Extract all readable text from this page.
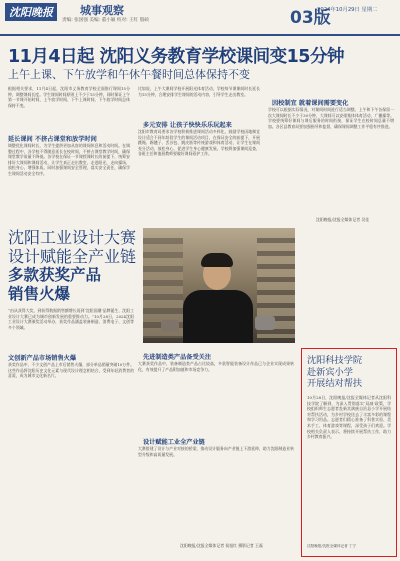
沈阳晚报	城事观察
责编: 张国强 美编: 董小颖 校对: 王红 殷硕	03版
2024年10月29日 星期二
11月4日起 沈阳义务教育学校课间变15分钟
上午上课、下午放学和午休午餐时间总体保持不变
根据相关要求，11月4日起，沈阳市义务教育学校全面推行课间15分钟，调整课间长度。学生课间时间原则上不少于15分钟，同时保证上午第一节课开始时间，上午放学时间、下午上课时间、下午放学时间总体保持不变。
延长课间 不挤占课堂和放学时间
调整优化课间时长，为学生提供更加从容的课间休息和活动时间。在调整过程中，各学校不得随意延长在校时间，不挤占课堂教学时间，确保课堂教学质量不降低。各学校在保证一节课授课时长的前提下，统筹安排好大课间和课间活动，让学生真正走出教室，走进阳光，走向操场，放松身心，增强体质。同时加强课间安全管理，落实安全责任，确保学生课间活动安全有序。
比如说，上午大课间学校开展阳光体育活动，学校每节课课间时长延长为15分钟，合理安排学生课间的活动内容，引导学生走出教室。
多元安排 让孩子快快乐乐玩起来
沈阳市教育局要求各学校积极推进课间活动多样化，鼓励学校因地制宜设计适合不同年龄段学生的课间活动项目，在保证安全的前提下，开展跳绳、踢毽子、丢沙包、跳皮筋等传统游戏和体育活动，让学生在课间充分活动、放松身心，促进学生身心健康发展。学校将加强课间巡查，各班主任和值班教师要做好课间看护工作。
因校制宜 就着课间需要变化
学校可以根据实际情况，对课间时间进行适当调整。上午和下午各保留一次大课间时长不少于30分钟，大课间可以安排集体体育活动、广播操等。学校要统筹好课间与课后服务的时间衔接，保证学生在校时间总量不增加。各区县教育局要加强指导和监督，确保课间调整工作平稳有序推进。
沈阳晚报/沈报全媒体记者 吴佳
沈阳工业设计大赛
设计赋能全产业链
多款获奖产品
销售火爆
“由从获得大奖，到获得数据销售额增长再到‘沈阳国潮’品牌诞生，沈阳工业设计大赛已成为城市创新发展的重要推动力。”10月28日，2024沈阳工业设计大赛颁奖活动举办，获奖作品涵盖装备制造、消费电子、文创等多个领域。
文创新产品市场销售火爆
获奖作品中，不少文创产品上市后销售火爆，部分单品销量突破10万件。这些作品将沈阳历史文化元素与现代设计理念相结合，受到年轻消费者的喜爱，成为城市文化新名片。
先进制造类产品备受关注
大赛获奖作品中，装备制造类产品占比较高，多款智能装备设计作品已与企业实现成果转化，有效提升了产品附加值和市场竞争力。
设计赋能工业全产业链
大赛搭建了设计与产业对接的桥梁，推动设计服务向产业链上下游延伸，助力沈阳制造业转型升级和高质量发展。
沈阳晚报/沈报全媒体记者 侯旭红 摄影记者 王磊
沈阳科技学院
赴新宾小学
开展结对帮扶
10月28日，沈阳晚报/沈报全媒体记者从沈阳科技学院了解到，为深入贯彻落实‘双减’政策，学校组织师生志愿者赴新宾满族自治县小学开展结对帮扶活动，为乡村学校送去了丰富多彩的课程和学习用品。志愿者们精心准备了科普实验、美术手工、体育游戏等课程，深受孩子们欢迎。学校相关负责人表示，将持续开展帮扶工作，助力乡村教育振兴。
沈阳晚报/沈报全媒体记者 丁宁
